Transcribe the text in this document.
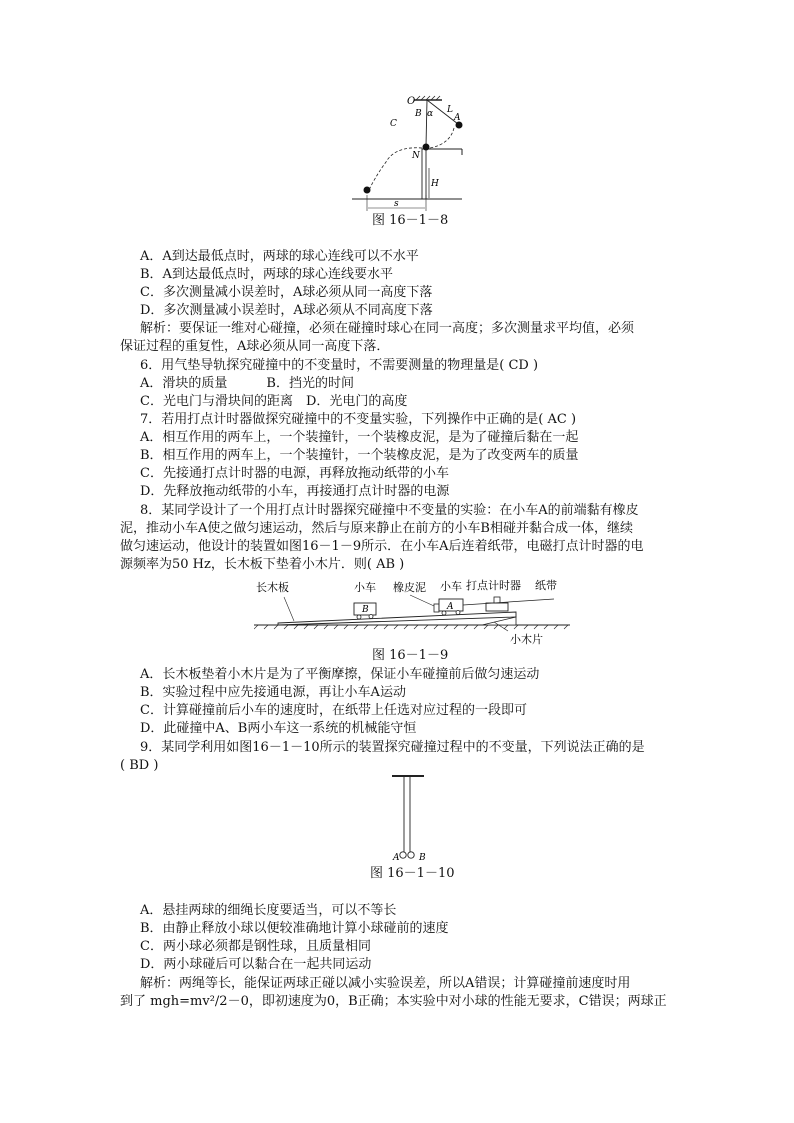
O
B α L
A
C
N
H
s
图 16－1－8
A．A到达最低点时，两球的球心连线可以不水平
B．A到达最低点时，两球的球心连线要水平
C．多次测量减小误差时，A球必须从同一高度下落
D．多次测量减小误差时，A球必须从不同高度下落
解析：要保证一维对心碰撞，必须在碰撞时球心在同一高度；多次测量求平均值，必须
保证过程的重复性，A球必须从同一高度下落．
6．用气垫导轨探究碰撞中的不变量时，不需要测量的物理量是( CD )
A．滑块的质量　　　B．挡光的时间
C．光电门与滑块间的距离　D．光电门的高度
7．若用打点计时器做探究碰撞中的不变量实验，下列操作中正确的是( AC )
A．相互作用的两车上，一个装撞针，一个装橡皮泥，是为了碰撞后黏在一起
B．相互作用的两车上，一个装撞针，一个装橡皮泥，是为了改变两车的质量
C．先接通打点计时器的电源，再释放拖动纸带的小车
D．先释放拖动纸带的小车，再接通打点计时器的电源
8．某同学设计了一个用打点计时器探究碰撞中不变量的实验：在小车A的前端黏有橡皮
泥，推动小车A使之做匀速运动，然后与原来静止在前方的小车B相碰并黏合成一体，继续
做匀速运动，他设计的装置如图16－1－9所示．在小车A后连着纸带，电磁打点计时器的电
源频率为50 Hz，长木板下垫着小木片．则( AB )
长木板	小车 橡皮泥 小车 打点计时器 纸带
小木片
B	A
图 16－1－9
A．长木板垫着小木片是为了平衡摩擦，保证小车碰撞前后做匀速运动
B．实验过程中应先接通电源，再让小车A运动
C．计算碰撞前后小车的速度时，在纸带上任选对应过程的一段即可
D．此碰撞中A、B两小车这一系统的机械能守恒
9．某同学利用如图16－1－10所示的装置探究碰撞过程中的不变量，下列说法正确的是
( BD )
A B
图 16－1－10
A．悬挂两球的细绳长度要适当，可以不等长
B．由静止释放小球以便较准确地计算小球碰前的速度
C．两小球必须都是钢性球，且质量相同
D．两小球碰后可以黏合在一起共同运动
解析：两绳等长，能保证两球正碰以减小实验误差，所以A错误；计算碰撞前速度时用
到了 mgh=mv²/2－0，即初速度为0，B正确；本实验中对小球的性能无要求，C错误；两球正
